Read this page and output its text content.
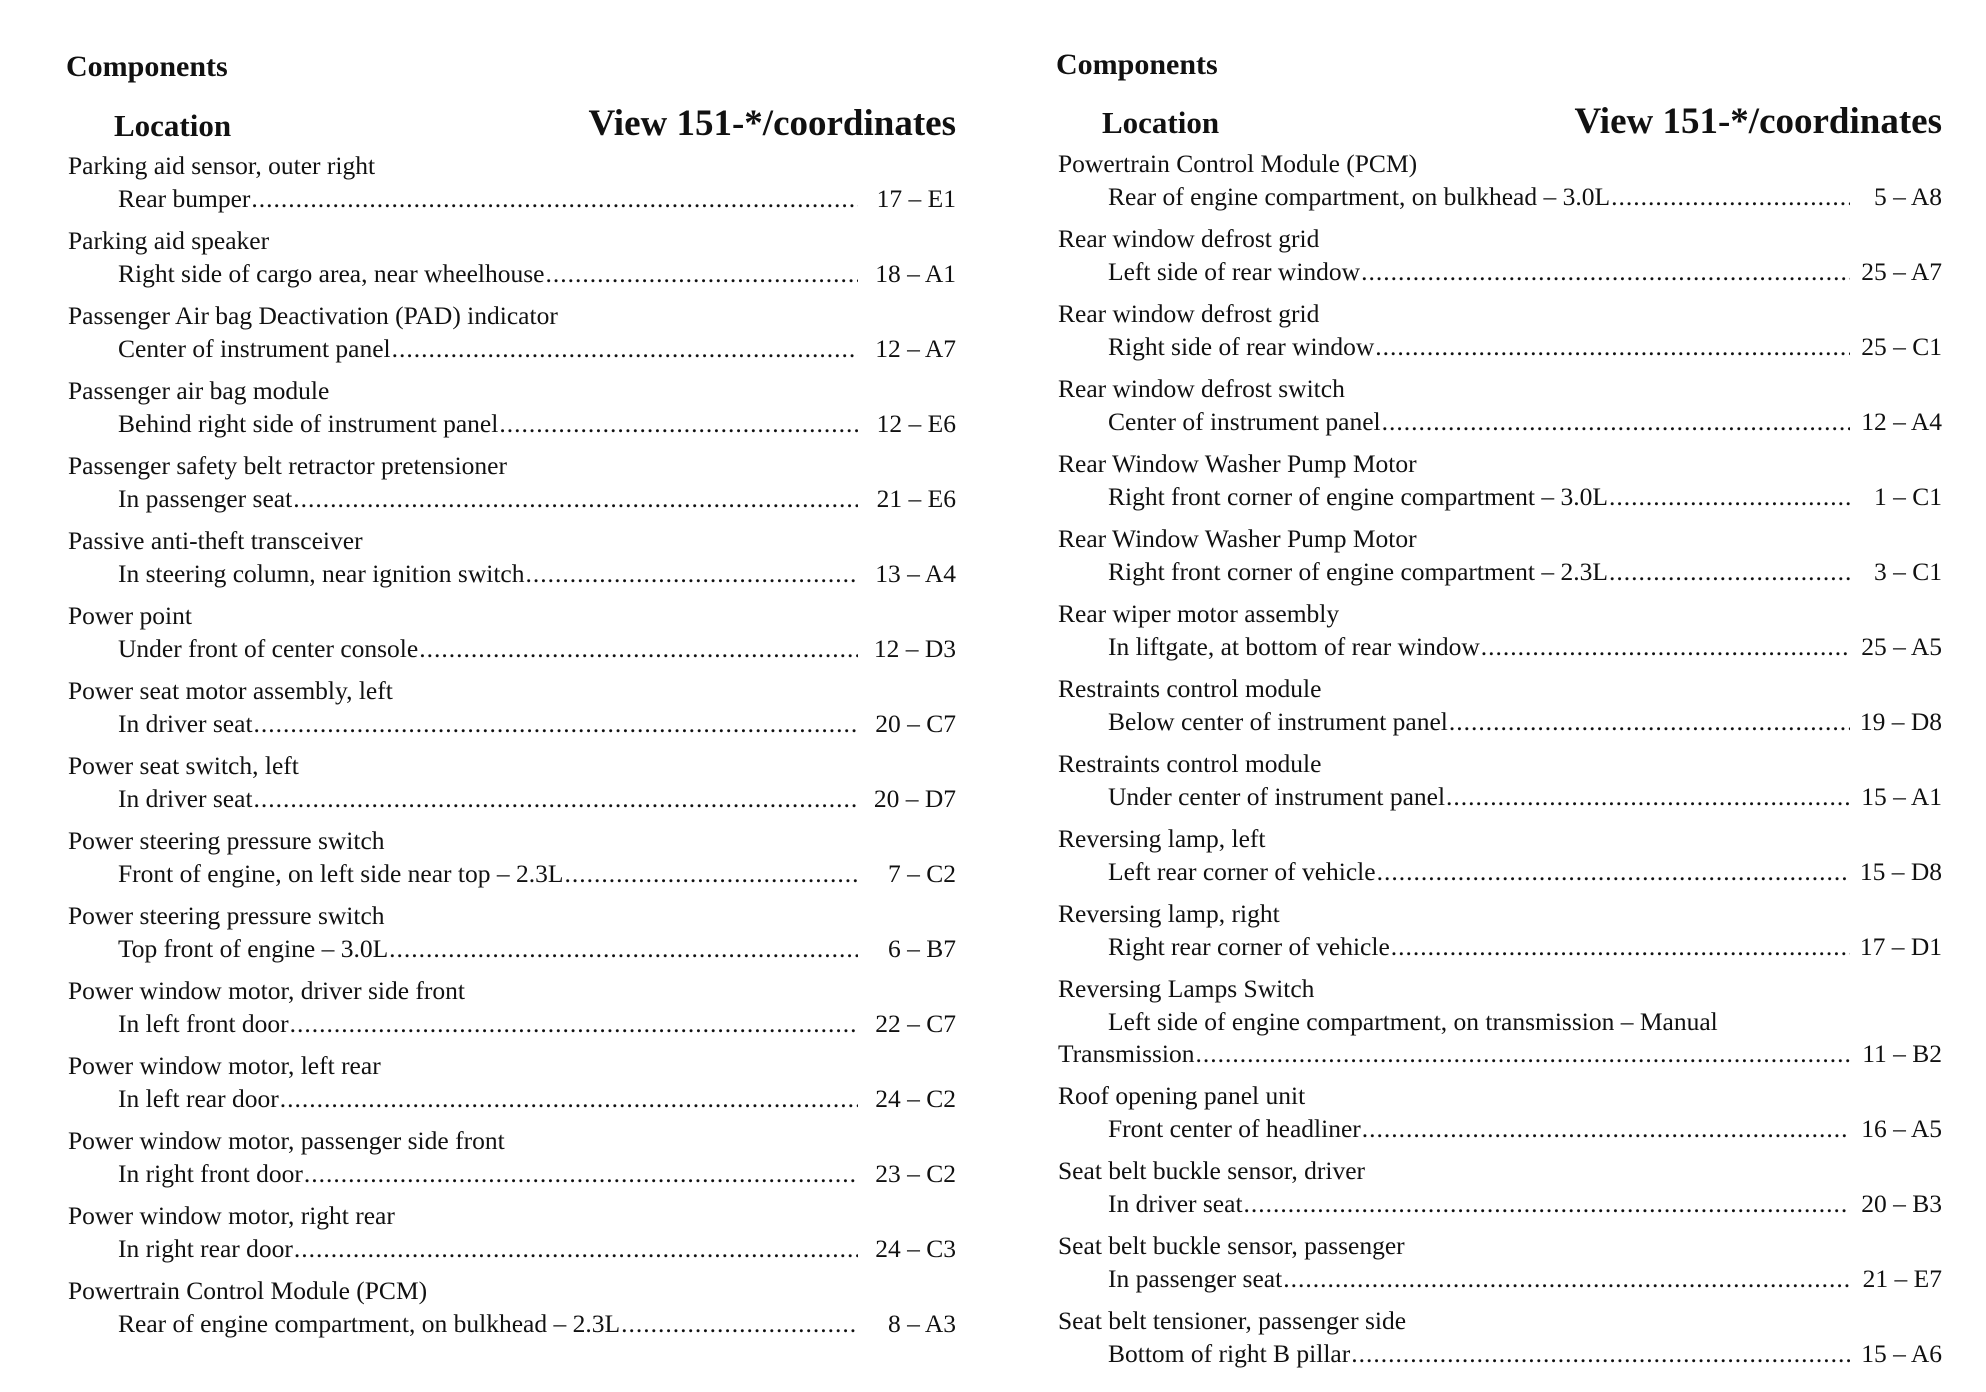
Components
Location	View 151-*/coordinates
Parking aid sensor, outer right
Rear bumper .....	17 – E1
Parking aid speaker
Right side of cargo area, near wheelhouse .....	18 – A1
Passenger Air bag Deactivation (PAD) indicator
Center of instrument panel .....	12 – A7
Passenger air bag module
Behind right side of instrument panel .....	12 – E6
Passenger safety belt retractor pretensioner
In passenger seat .....	21 – E6
Passive anti-theft transceiver
In steering column, near ignition switch .....	13 – A4
Power point
Under front of center console .....	12 – D3
Power seat motor assembly, left
In driver seat .....	20 – C7
Power seat switch, left
In driver seat .....	20 – D7
Power steering pressure switch
Front of engine, on left side near top – 2.3L .....	7 – C2
Power steering pressure switch
Top front of engine – 3.0L .....	6 – B7
Power window motor, driver side front
In left front door .....	22 – C7
Power window motor, left rear
In left rear door .....	24 – C2
Power window motor, passenger side front
In right front door .....	23 – C2
Power window motor, right rear
In right rear door .....	24 – C3
Powertrain Control Module (PCM)
Rear of engine compartment, on bulkhead – 2.3L .....	8 – A3
Components
Location	View 151-*/coordinates
Powertrain Control Module (PCM)
Rear of engine compartment, on bulkhead – 3.0L .....	5 – A8
Rear window defrost grid
Left side of rear window .....	25 – A7
Rear window defrost grid
Right side of rear window .....	25 – C1
Rear window defrost switch
Center of instrument panel .....	12 – A4
Rear Window Washer Pump Motor
Right front corner of engine compartment – 3.0L .....	1 – C1
Rear Window Washer Pump Motor
Right front corner of engine compartment – 2.3L .....	3 – C1
Rear wiper motor assembly
In liftgate, at bottom of rear window .....	25 – A5
Restraints control module
Below center of instrument panel .....	19 – D8
Restraints control module
Under center of instrument panel .....	15 – A1
Reversing lamp, left
Left rear corner of vehicle .....	15 – D8
Reversing lamp, right
Right rear corner of vehicle .....	17 – D1
Reversing Lamps Switch
Left side of engine compartment, on transmission – Manual
Transmission .....	11 – B2
Roof opening panel unit
Front center of headliner .....	16 – A5
Seat belt buckle sensor, driver
In driver seat .....	20 – B3
Seat belt buckle sensor, passenger
In passenger seat .....	21 – E7
Seat belt tensioner, passenger side
Bottom of right B pillar .....	15 – A6
